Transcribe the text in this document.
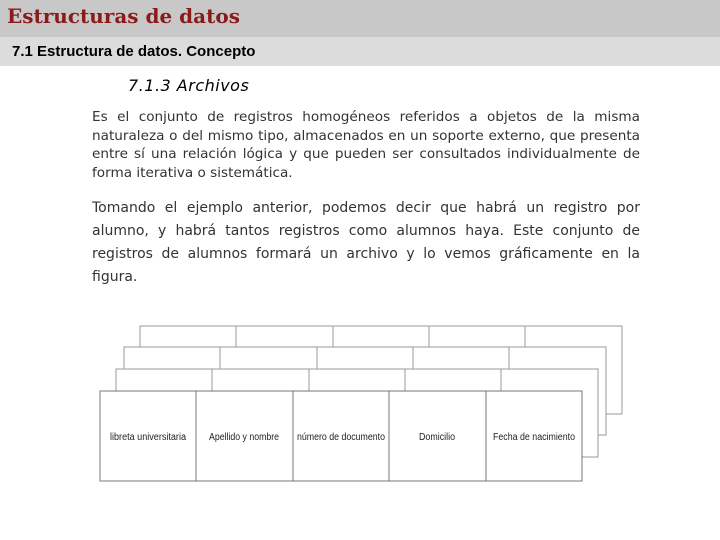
Estructuras de datos
7.1 Estructura de datos. Concepto
7.1.3 Archivos

Es el conjunto de registros homogéneos referidos a objetos de la misma naturaleza o del mismo tipo, almacenados en un soporte externo, que presenta entre sí una relación lógica y que pueden ser consultados individualmente de forma iterativa o sistemática.

Tomando el ejemplo anterior, podemos decir que habrá un registro por alumno, y habrá tantos registros como alumnos haya. Este conjunto de registros de alumnos formará un archivo y lo vemos gráficamente en la figura.

libreta universitaria Apellido y nombre número de documento	Domicilio	Fecha de nacimiento
